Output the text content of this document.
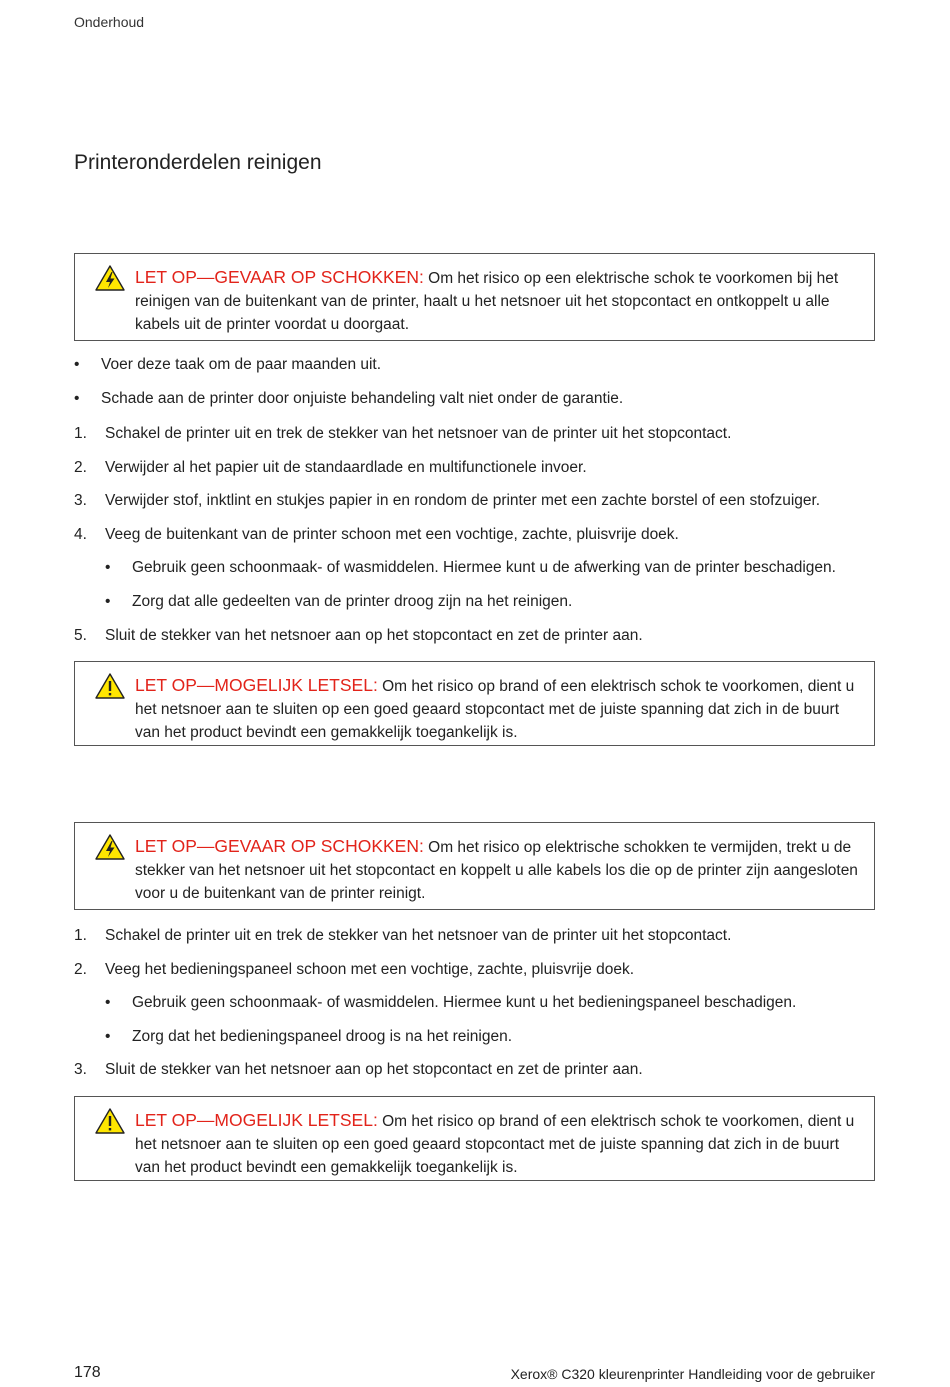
Onderhoud
Printeronderdelen reinigen
LET OP—GEVAAR OP SCHOKKEN: Om het risico op een elektrische schok te voorkomen bij het reinigen van de buitenkant van de printer, haalt u het netsnoer uit het stopcontact en ontkoppelt u alle kabels uit de printer voordat u doorgaat.
• Voer deze taak om de paar maanden uit.
• Schade aan de printer door onjuiste behandeling valt niet onder de garantie.
1. Schakel de printer uit en trek de stekker van het netsnoer van de printer uit het stopcontact.
2. Verwijder al het papier uit de standaardlade en multifunctionele invoer.
3. Verwijder stof, inktlint en stukjes papier in en rondom de printer met een zachte borstel of een stofzuiger.
4. Veeg de buitenkant van de printer schoon met een vochtige, zachte, pluisvrije doek.
• Gebruik geen schoonmaak- of wasmiddelen. Hiermee kunt u de afwerking van de printer beschadigen.
• Zorg dat alle gedeelten van de printer droog zijn na het reinigen.
5. Sluit de stekker van het netsnoer aan op het stopcontact en zet de printer aan.
LET OP—MOGELIJK LETSEL: Om het risico op brand of een elektrisch schok te voorkomen, dient u het netsnoer aan te sluiten op een goed geaard stopcontact met de juiste spanning dat zich in de buurt van het product bevindt een gemakkelijk toegankelijk is.
LET OP—GEVAAR OP SCHOKKEN: Om het risico op elektrische schokken te vermijden, trekt u de stekker van het netsnoer uit het stopcontact en koppelt u alle kabels los die op de printer zijn aangesloten voor u de buitenkant van de printer reinigt.
1. Schakel de printer uit en trek de stekker van het netsnoer van de printer uit het stopcontact.
2. Veeg het bedieningspaneel schoon met een vochtige, zachte, pluisvrije doek.
• Gebruik geen schoonmaak- of wasmiddelen. Hiermee kunt u het bedieningspaneel beschadigen.
• Zorg dat het bedieningspaneel droog is na het reinigen.
3. Sluit de stekker van het netsnoer aan op het stopcontact en zet de printer aan.
LET OP—MOGELIJK LETSEL: Om het risico op brand of een elektrisch schok te voorkomen, dient u het netsnoer aan te sluiten op een goed geaard stopcontact met de juiste spanning dat zich in de buurt van het product bevindt een gemakkelijk toegankelijk is.
178	Xerox® C320 kleurenprinter Handleiding voor de gebruiker
